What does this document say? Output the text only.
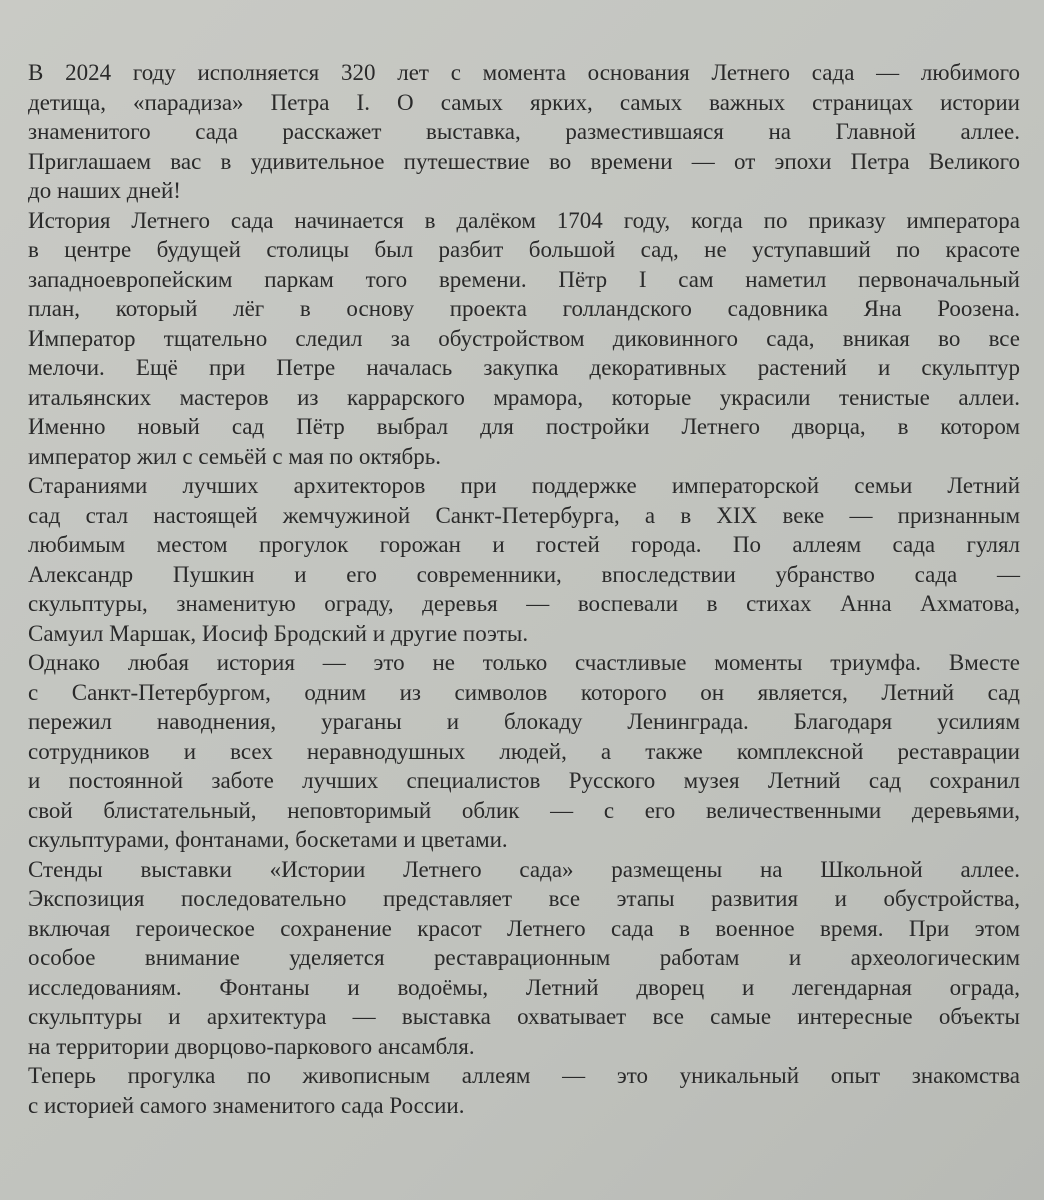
В 2024 году исполняется 320 лет с момента основания Летнего сада — любимого
детища, «парадиза» Петра I. О самых ярких, самых важных страницах истории
знаменитого сада расскажет выставка, разместившаяся на Главной аллее.
Приглашаем вас в удивительное путешествие во времени — от эпохи Петра Великого
до наших дней!
История Летнего сада начинается в далёком 1704 году, когда по приказу императора
в центре будущей столицы был разбит большой сад, не уступавший по красоте
западноевропейским паркам того времени. Пётр I сам наметил первоначальный
план, который лёг в основу проекта голландского садовника Яна Роозена.
Император тщательно следил за обустройством диковинного сада, вникая во все
мелочи. Ещё при Петре началась закупка декоративных растений и скульптур
итальянских мастеров из каррарского мрамора, которые украсили тенистые аллеи.
Именно новый сад Пётр выбрал для постройки Летнего дворца, в котором
император жил с семьёй с мая по октябрь.
Стараниями лучших архитекторов при поддержке императорской семьи Летний
сад стал настоящей жемчужиной Санкт-Петербурга, а в XIX веке — признанным
любимым местом прогулок горожан и гостей города. По аллеям сада гулял
Александр Пушкин и его современники, впоследствии убранство сада —
скульптуры, знаменитую ограду, деревья — воспевали в стихах Анна Ахматова,
Самуил Маршак, Иосиф Бродский и другие поэты.
Однако любая история — это не только счастливые моменты триумфа. Вместе
с Санкт-Петербургом, одним из символов которого он является, Летний сад
пережил наводнения, ураганы и блокаду Ленинграда. Благодаря усилиям
сотрудников и всех неравнодушных людей, а также комплексной реставрации
и постоянной заботе лучших специалистов Русского музея Летний сад сохранил
свой блистательный, неповторимый облик — с его величественными деревьями,
скульптурами, фонтанами, боскетами и цветами.
Стенды выставки «Истории Летнего сада» размещены на Школьной аллее.
Экспозиция последовательно представляет все этапы развития и обустройства,
включая героическое сохранение красот Летнего сада в военное время. При этом
особое внимание уделяется реставрационным работам и археологическим
исследованиям. Фонтаны и водоёмы, Летний дворец и легендарная ограда,
скульптуры и архитектура — выставка охватывает все самые интересные объекты
на территории дворцово-паркового ансамбля.
Теперь прогулка по живописным аллеям — это уникальный опыт знакомства
с историей самого знаменитого сада России.
